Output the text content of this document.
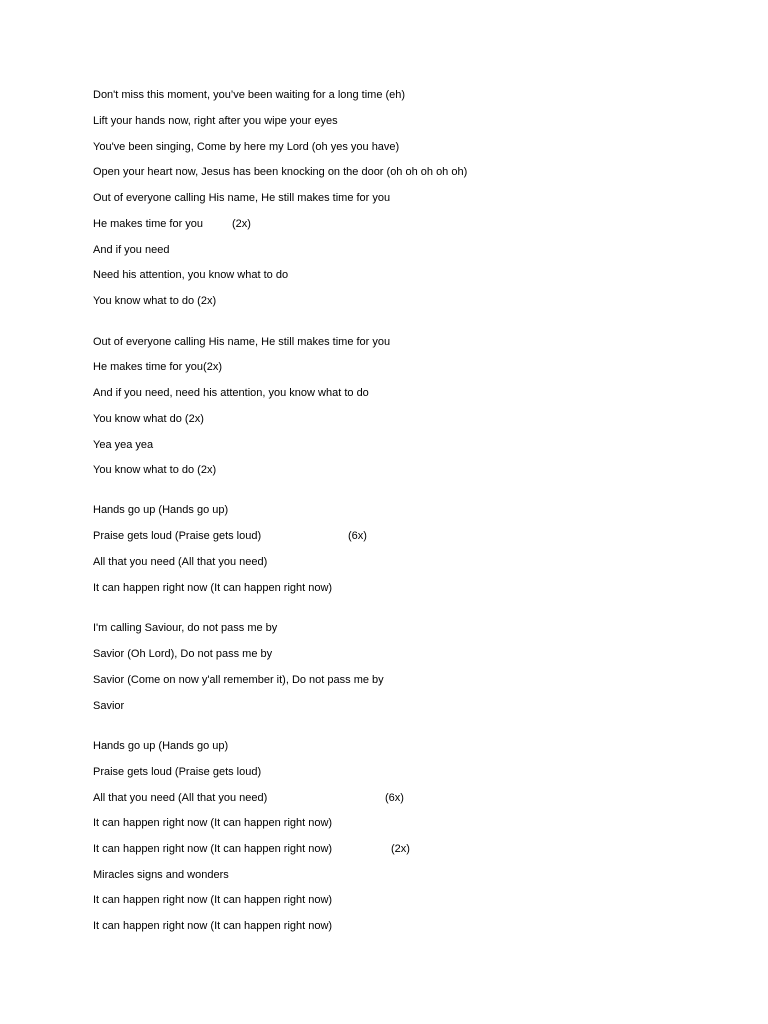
Don't miss this moment, you’ve been waiting for a long time (eh)
Lift your hands now, right after you wipe your eyes
You've been singing, Come by here my Lord (oh yes you have)
Open your heart now, Jesus has been knocking on the door (oh oh oh oh oh)
Out of everyone calling His name, He still makes time for you
He makes time for you	(2x)
And if you need
Need his attention, you know what to do
You know what to do (2x)
Out of everyone calling His name, He still makes time for you
He makes time for you(2x)
And if you need, need his attention, you know what to do
You know what do (2x)
Yea yea yea
You know what to do (2x)
Hands go up (Hands go up)
Praise gets loud (Praise gets loud)	(6x)
All that you need (All that you need)
It can happen right now (It can happen right now)
I'm calling Saviour, do not pass me by
Savior (Oh Lord), Do not pass me by
Savior (Come on now y'all remember it), Do not pass me by
Savior
Hands go up (Hands go up)
Praise gets loud (Praise gets loud)
All that you need (All that you need)	(6x)
It can happen right now (It can happen right now)
It can happen right now (It can happen right now)	(2x)
Miracles signs and wonders
It can happen right now (It can happen right now)
It can happen right now (It can happen right now)
